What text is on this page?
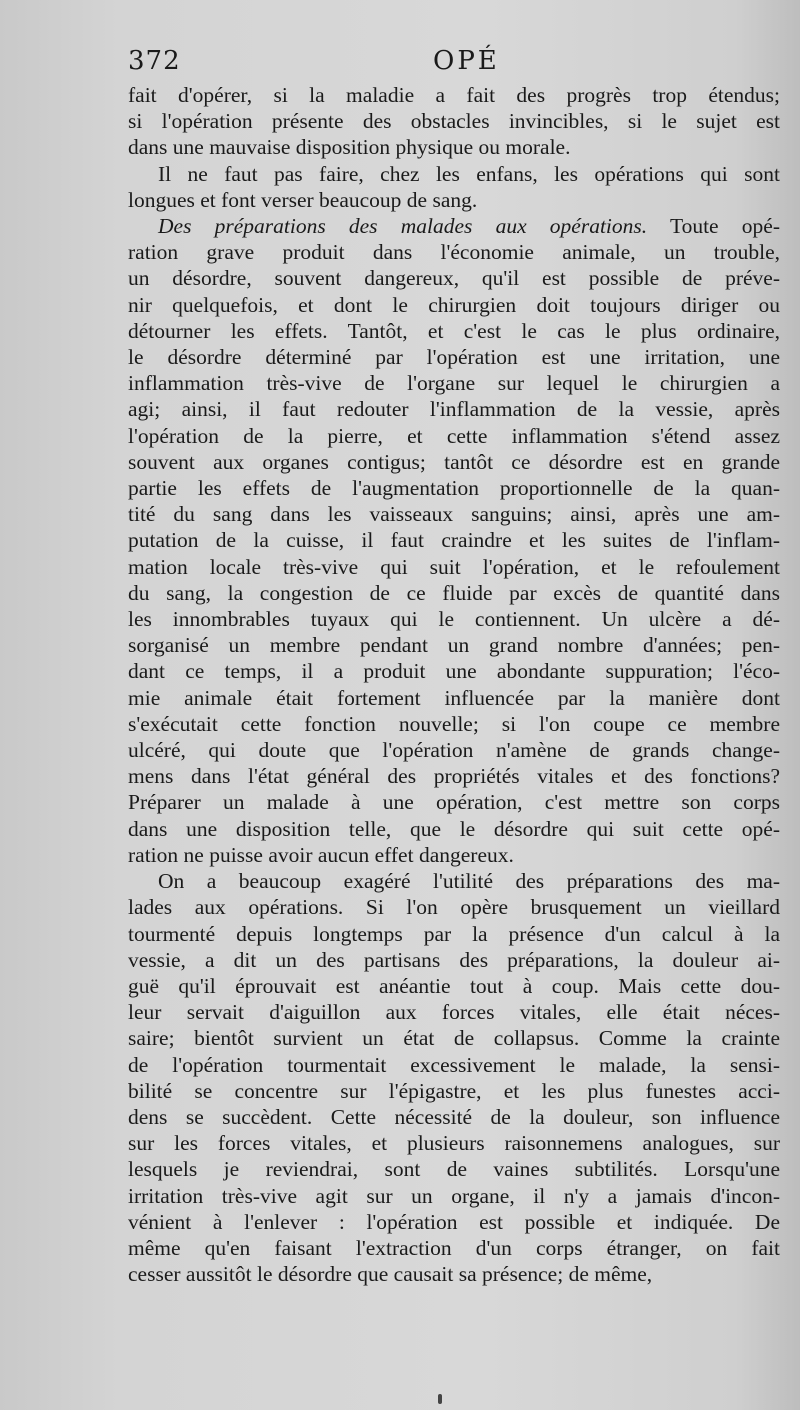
372	OPÉ

fait d'opérer, si la maladie a fait des progrès trop étendus;
si l'opération présente des obstacles invincibles, si le sujet est
dans une mauvaise disposition physique ou morale.

Il ne faut pas faire, chez les enfans, les opérations qui sont
longues et font verser beaucoup de sang.

Des préparations des malades aux opérations. Toute opé-
ration grave produit dans l'économie animale, un trouble,
un désordre, souvent dangereux, qu'il est possible de préve-
nir quelquefois, et dont le chirurgien doit toujours diriger ou
détourner les effets. Tantôt, et c'est le cas le plus ordinaire,
le désordre déterminé par l'opération est une irritation, une
inflammation très-vive de l'organe sur lequel le chirurgien a
agi; ainsi, il faut redouter l'inflammation de la vessie, après
l'opération de la pierre, et cette inflammation s'étend assez
souvent aux organes contigus; tantôt ce désordre est en grande
partie les effets de l'augmentation proportionnelle de la quan-
tité du sang dans les vaisseaux sanguins; ainsi, après une am-
putation de la cuisse, il faut craindre et les suites de l'inflam-
mation locale très-vive qui suit l'opération, et le refoulement
du sang, la congestion de ce fluide par excès de quantité dans
les innombrables tuyaux qui le contiennent. Un ulcère a dé-
sorganisé un membre pendant un grand nombre d'années; pen-
dant ce temps, il a produit une abondante suppuration; l'éco-
mie animale était fortement influencée par la manière dont
s'exécutait cette fonction nouvelle; si l'on coupe ce membre
ulcéré, qui doute que l'opération n'amène de grands change-
mens dans l'état général des propriétés vitales et des fonctions?
Préparer un malade à une opération, c'est mettre son corps
dans une disposition telle, que le désordre qui suit cette opé-
ration ne puisse avoir aucun effet dangereux.

On a beaucoup exagéré l'utilité des préparations des ma-
lades aux opérations. Si l'on opère brusquement un vieillard
tourmenté depuis longtemps par la présence d'un calcul à la
vessie, a dit un des partisans des préparations, la douleur ai-
guë qu'il éprouvait est anéantie tout à coup. Mais cette dou-
leur servait d'aiguillon aux forces vitales, elle était néces-
saire; bientôt survient un état de collapsus. Comme la crainte
de l'opération tourmentait excessivement le malade, la sensi-
bilité se concentre sur l'épigastre, et les plus funestes acci-
dens se succèdent. Cette nécessité de la douleur, son influence
sur les forces vitales, et plusieurs raisonnemens analogues, sur
lesquels je reviendrai, sont de vaines subtilités. Lorsqu'une
irritation très-vive agit sur un organe, il n'y a jamais d'incon-
vénient à l'enlever : l'opération est possible et indiquée. De
même qu'en faisant l'extraction d'un corps étranger, on fait
cesser aussitôt le désordre que causait sa présence; de même,
